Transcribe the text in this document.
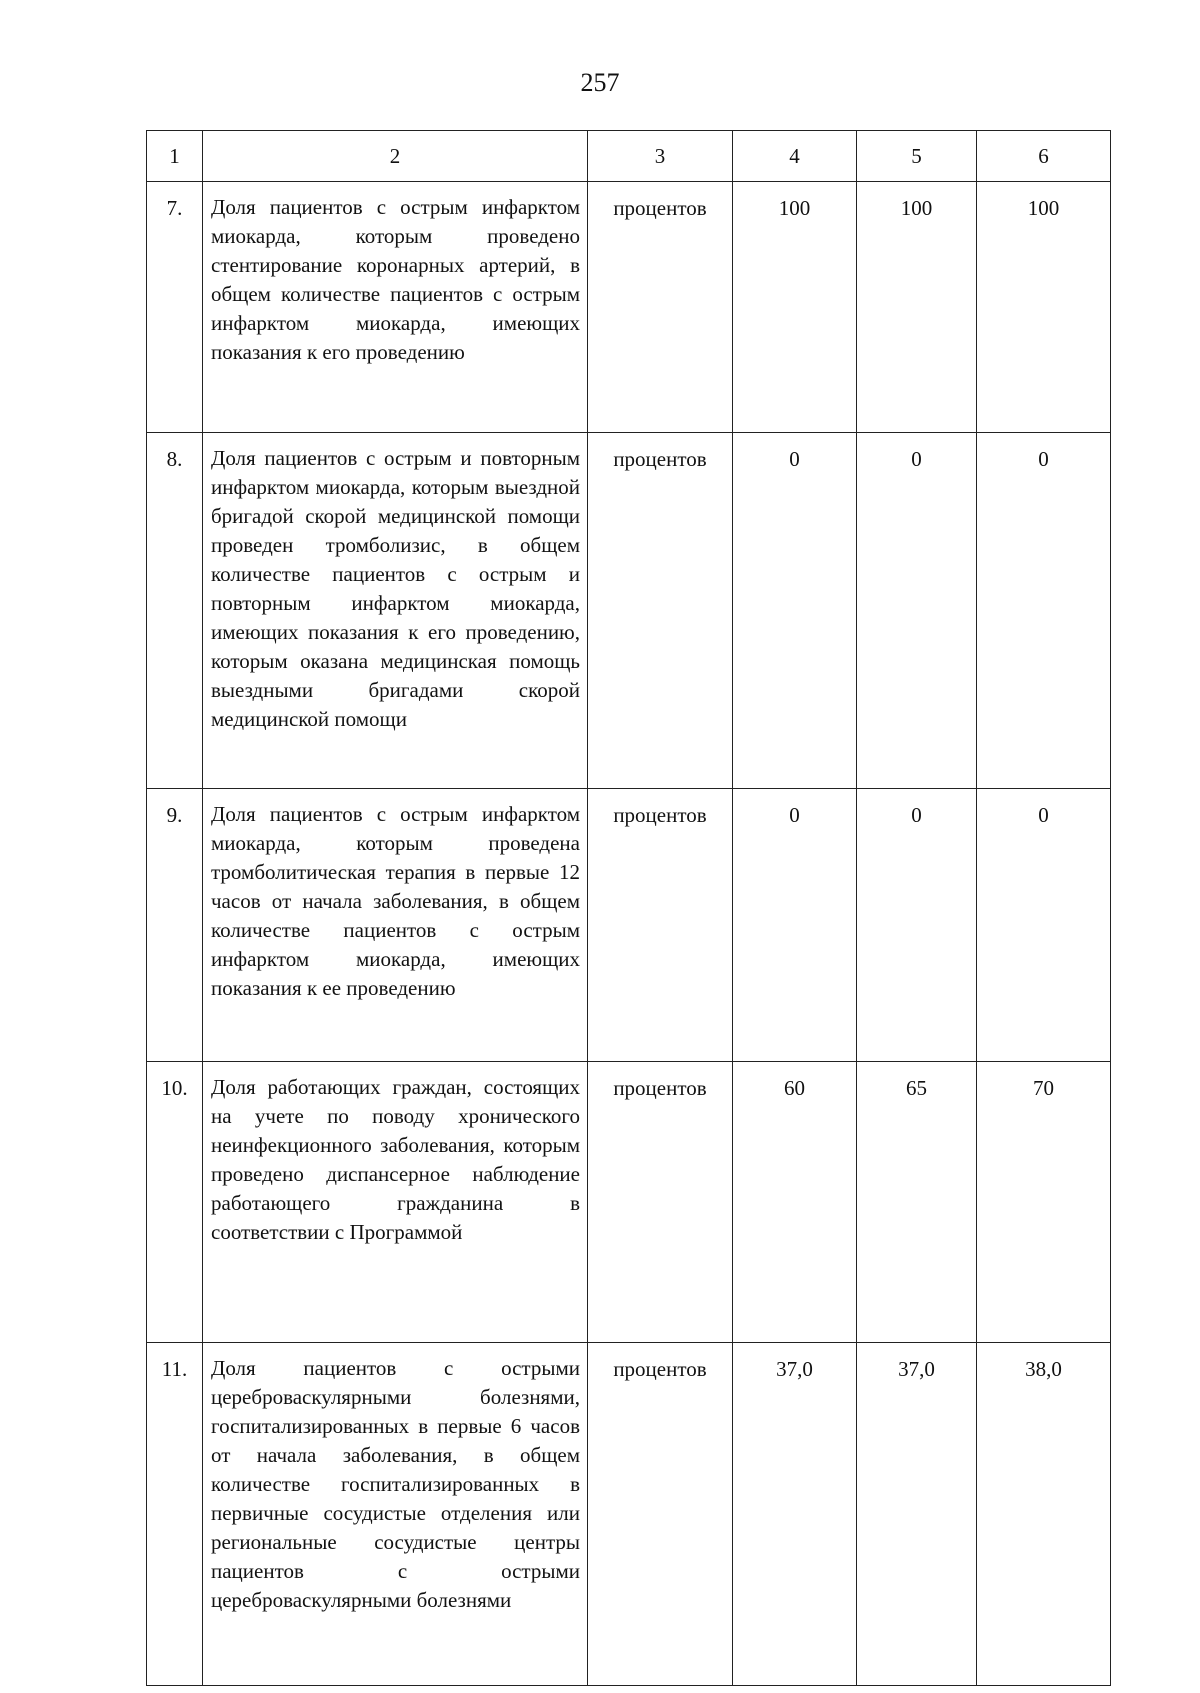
257
1	2	3	4	5	6
7.	Доля пациентов с острым инфарктом миокарда, которым проведено стентирование коронарных артерий, в общем количестве пациентов с острым инфарктом миокарда, имеющих показания к его проведению	процентов	100	100	100
8.	Доля пациентов с острым и повторным инфарктом миокарда, которым выездной бригадой скорой медицинской помощи проведен тромболизис, в общем количестве пациентов с острым и повторным инфарктом миокарда, имеющих показания к его проведению, которым оказана медицинская помощь выездными бригадами скорой медицинской помощи	процентов	0	0	0
9.	Доля пациентов с острым инфарктом миокарда, которым проведена тромболитическая терапия в первые 12 часов от начала заболевания, в общем количестве пациентов с острым инфарктом миокарда, имеющих показания к ее проведению	процентов	0	0	0
10.	Доля работающих граждан, состоящих на учете по поводу хронического неинфекционного заболевания, которым проведено диспансерное наблюдение работающего гражданина в соответствии с Программой	процентов	60	65	70
11.	Доля пациентов с острыми цереброваскулярными болезнями, госпитализированных в первые 6 часов от начала заболевания, в общем количестве госпитализированных в первичные сосудистые отделения или региональные сосудистые центры пациентов с острыми цереброваскулярными болезнями	процентов	37,0	37,0	38,0
